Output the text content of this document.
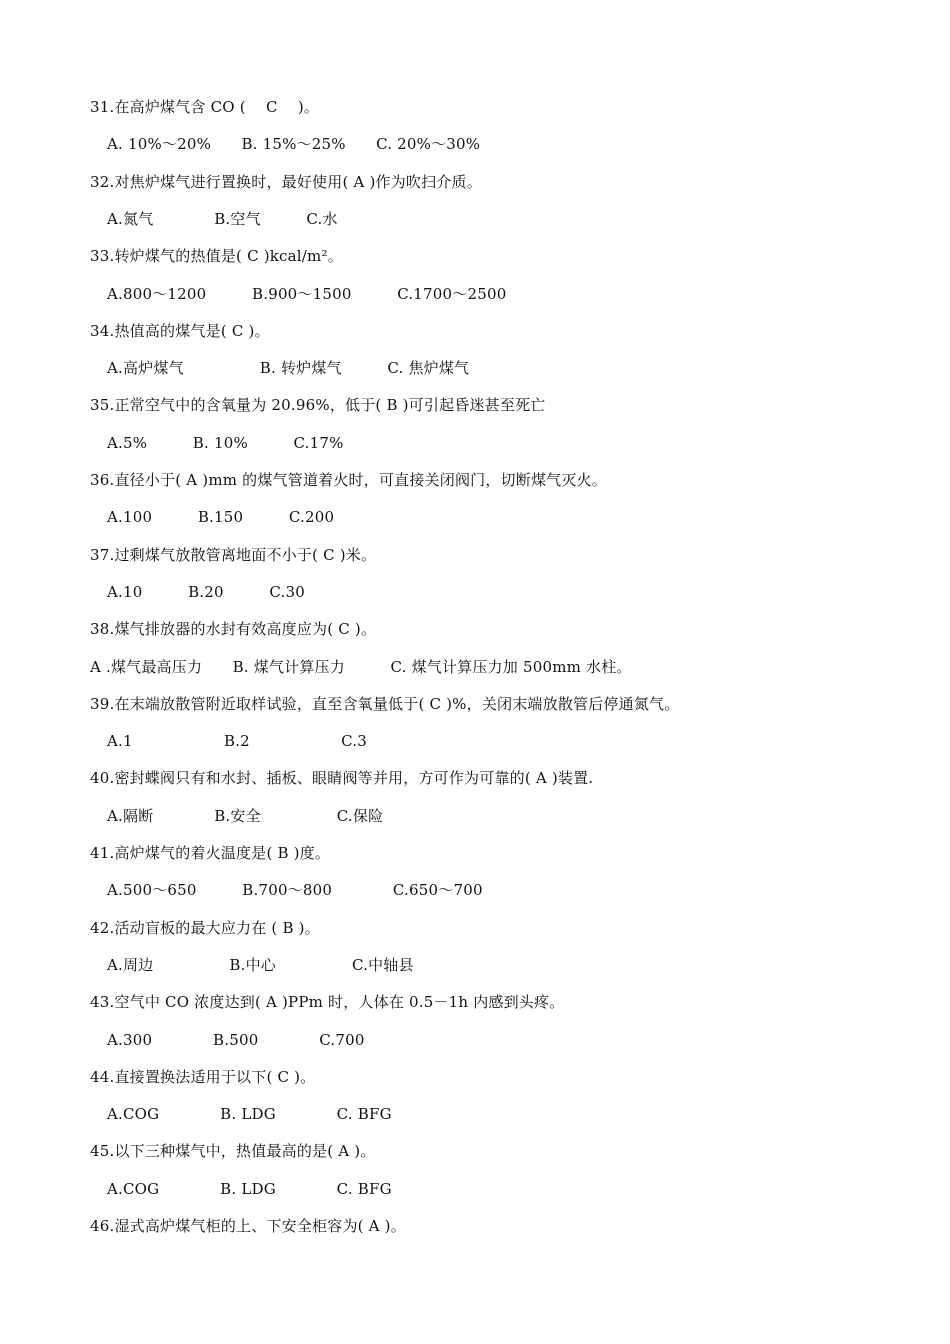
31.在高炉煤气含 CO (　 C　 )。
A. 10%～20%　　B. 15%～25%　　C. 20%～30%
32.对焦炉煤气进行置换时，最好使用( A )作为吹扫介质。
A.氮气　　　　B.空气　　　C.水
33.转炉煤气的热值是( C )kcal/m²。
A.800～1200　　　B.900～1500　　　C.1700～2500
34.热值高的煤气是( C )。
A.高炉煤气　　　　　B. 转炉煤气　　　C. 焦炉煤气
35.正常空气中的含氧量为 20.96%，低于( B )可引起昏迷甚至死亡
A.5%　　　B. 10%　　　C.17%
36.直径小于( A )mm 的煤气管道着火时，可直接关闭阀门，切断煤气灭火。
A.100　　　B.150　　　C.200
37.过剩煤气放散管离地面不小于( C )米。
A.10　　　B.20　　　C.30
38.煤气排放器的水封有效高度应为( C )。
A .煤气最高压力　　B. 煤气计算压力　　　C. 煤气计算压力加 500mm 水柱。
39.在末端放散管附近取样试验，直至含氧量低于( C )%，关闭末端放散管后停通氮气。
A.1　　　　　　B.2　　　　　　C.3
40.密封蝶阀只有和水封、插板、眼睛阀等并用，方可作为可靠的( A )装置.
A.隔断　　　　B.安全　　　　　C.保险
41.高炉煤气的着火温度是( B )度。
A.500～650　　　B.700～800　　　　C.650～700
42.活动盲板的最大应力在 ( B )。
A.周边　　　　　B.中心　　　　　C.中轴县
43.空气中 CO 浓度达到( A )PPm 时，人体在 0.5－1h 内感到头疼。
A.300　　　　B.500　　　　C.700
44.直接置换法适用于以下( C )。
A.COG　　　　B. LDG　　　　C. BFG
45.以下三种煤气中，热值最高的是( A )。
A.COG　　　　B. LDG　　　　C. BFG
46.湿式高炉煤气柜的上、下安全柜容为( A )。
